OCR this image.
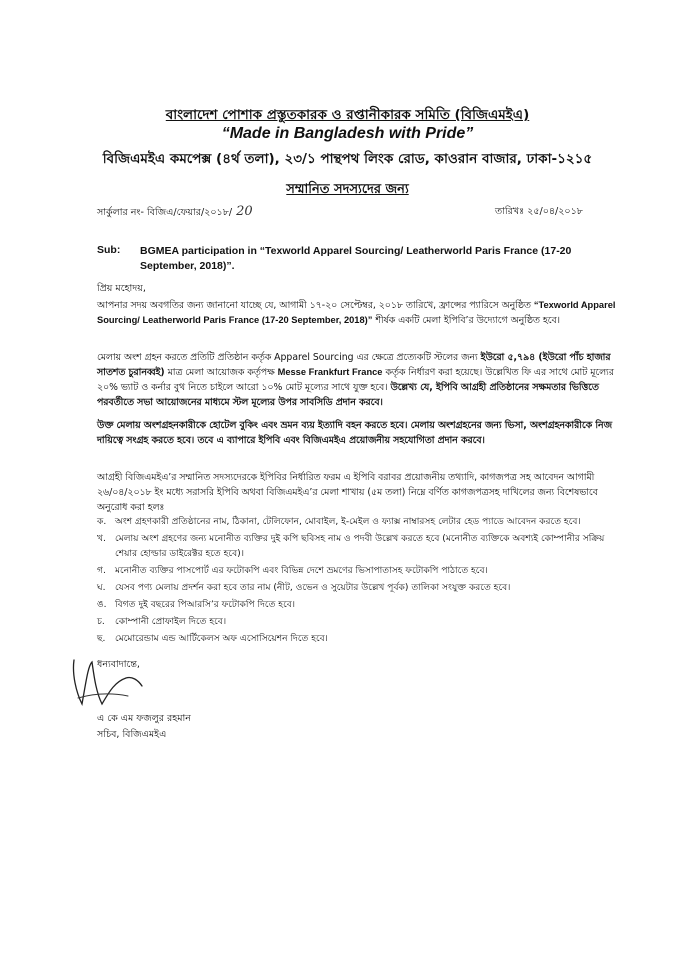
বাংলাদেশ পোশাক প্রস্তুতকারক ও রপ্তানীকারক সমিতি (বিজিএমইএ)
“Made in Bangladesh with Pride”
বিজিএমইএ কমপেক্স (৪র্থ তলা), ২৩/১ পান্থপথ লিংক রোড, কাওরান বাজার, ঢাকা-১২১৫
সম্মানিত সদস্যদের জন্য
সার্কুলার নং- বিজিএ/ফেয়ার/২০১৮/ 20	তারিখঃ ২৫/০৪/২০১৮
Sub: BGMEA participation in “Texworld Apparel Sourcing/ Leatherworld Paris France (17-20 September, 2018)”.
প্রিয় মহোদয়,
আপনার সদয় অবগতির জন্য জানানো যাচ্ছে যে, আগামী ১৭-২০ সেপ্টেম্বর, ২০১৮ তারিখে, ফ্রান্সের প্যারিসে অনুষ্ঠিত “Texworld Apparel Sourcing/ Leatherworld Paris France (17-20 September, 2018)” শীর্ষক একটি মেলা ইপিবি’র উদ্যোগে অনুষ্ঠিত হবে।
মেলায় অংশ গ্রহন করতে প্রতিটি প্রতিষ্ঠান কর্তৃক Apparel Sourcing এর ক্ষেত্রে প্রত্যেকটি স্টলের জন্য ইউরো ৫,৭৯৪ (ইউরো পাঁচ হাজার সাতশত চুরানব্বই) মাত্র মেলা আয়োজক কর্তৃপক্ষ Messe Frankfurt France কর্তৃক নির্ধারণ করা হয়েছে। উল্লেখিত ফি এর সাথে মোট মূল্যের ২০% ভ্যাট ও কর্নার বুথ নিতে চাইলে আরো ১০% মোট মূল্যের সাথে যুক্ত হবে। উল্লেখ্য যে, ইপিবি আগ্রহী প্রতিষ্ঠানের সক্ষমতার ভিত্তিতে পরবর্তীতে সভা আয়োজনের মাধ্যমে স্টল মূল্যের উপর সাবসিডি প্রদান করবে।
উক্ত মেলায় অংশগ্রহনকারীকে হোটেল বুকিং এবং ভ্রমন ব্যয় ইত্যাদি বহন করতে হবে। মেলায় অংশগ্রহনের জন্য ভিসা, অংশগ্রহনকারীকে নিজ দায়িত্বে সংগ্রহ করতে হবে। তবে এ ব্যাপারে ইপিবি এবং বিজিএমইএ প্রয়োজনীয় সহযোগিতা প্রদান করবে।
আগ্রহী বিজিএমইএ’র সম্মানিত সদস্যদেরকে ইপিবির নির্ধারিত ফরম এ ইপিবি বরাবর প্রয়োজনীয় তথ্যাদি, কাগজপত্র সহ আবেদন আগামী ২৬/০৪/২০১৮ ইং মধ্যে সরাসরি ইপিবি অথবা বিজিএমইএ’র মেলা শাখায় (৫ম তলা) নিম্নে বর্ণিত কাগজপত্রসহ দাখিলের জন্য বিশেষভাবে অনুরোধ করা হলঃ
ক. অংশ গ্রহণকারী প্রতিষ্ঠানের নাম, ঠিকানা, টেলিফোন, মোবাইল, ই-মেইল ও ফ্যাক্স নাম্বারসহ লেটার হেড প্যাডে আবেদন করতে হবে।
খ.	মেলায় অংশ গ্রহণের জন্য মনোনীত ব্যক্তির দুই কপি ছবিসহ নাম ও পদবী উল্লেখ করতে হবে (মনোনীত ব্যক্তিকে অবশ্যই কোম্পানীর সক্রিয় শেয়ার হোল্ডার ডাইরেক্টর হতে হবে)।
গ.	মনোনীত ব্যক্তির পাসপোর্ট এর ফটোকপি এবং বিভিন্ন দেশে ভ্রমণের ভিসাপাতাসহ ফটোকপি পাঠাতে হবে।
ঘ.	যেসব পণ্য মেলায় প্রদর্শন করা হবে তার নাম (নীট, ওভেন ও সুয়েটার উল্লেখ পূর্বক) তালিকা সংযুক্ত করতে হবে।
ঙ. বিগত দুই বছরের পিআরসি’র ফটোকপি দিতে হবে।
চ.	কোম্পানী প্রোফাইল দিতে হবে।
ছ.	মেমোরেন্ডাম এন্ড আর্টিকেলস অফ এসোসিয়েশন দিতে হবে।
ধন্যবাদান্তে,
এ কে এম ফজলুর রহমান
সচিব, বিজিএমইএ
